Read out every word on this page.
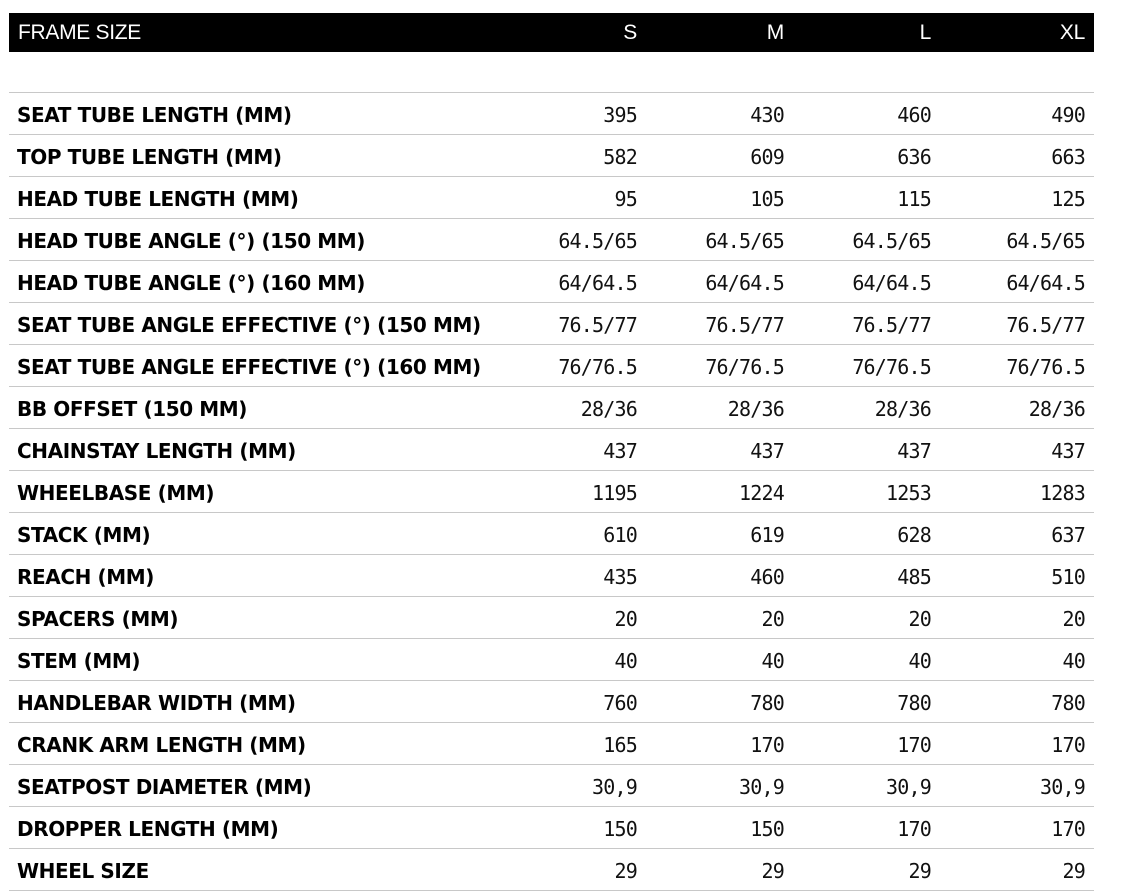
FRAME SIZE	S	M	L	XL

SEAT TUBE LENGTH (MM)	395	430	460	490
TOP TUBE LENGTH (MM)	582	609	636	663
HEAD TUBE LENGTH (MM)	95	105	115	125
HEAD TUBE ANGLE (°) (150 MM)	64.5/65	64.5/65	64.5/65	64.5/65
HEAD TUBE ANGLE (°) (160 MM)	64/64.5	64/64.5	64/64.5	64/64.5
SEAT TUBE ANGLE EFFECTIVE (°) (150 MM)	76.5/77	76.5/77	76.5/77	76.5/77
SEAT TUBE ANGLE EFFECTIVE (°) (160 MM)	76/76.5	76/76.5	76/76.5	76/76.5
BB OFFSET (150 MM)	28/36	28/36	28/36	28/36
CHAINSTAY LENGTH (MM)	437	437	437	437
WHEELBASE (MM)	1195	1224	1253	1283
STACK (MM)	610	619	628	637
REACH (MM)	435	460	485	510
SPACERS (MM)	20	20	20	20
STEM (MM)	40	40	40	40
HANDLEBAR WIDTH (MM)	760	780	780	780
CRANK ARM LENGTH (MM)	165	170	170	170
SEATPOST DIAMETER (MM)	30,9	30,9	30,9	30,9
DROPPER LENGTH (MM)	150	150	170	170
WHEEL SIZE	29	29	29	29
